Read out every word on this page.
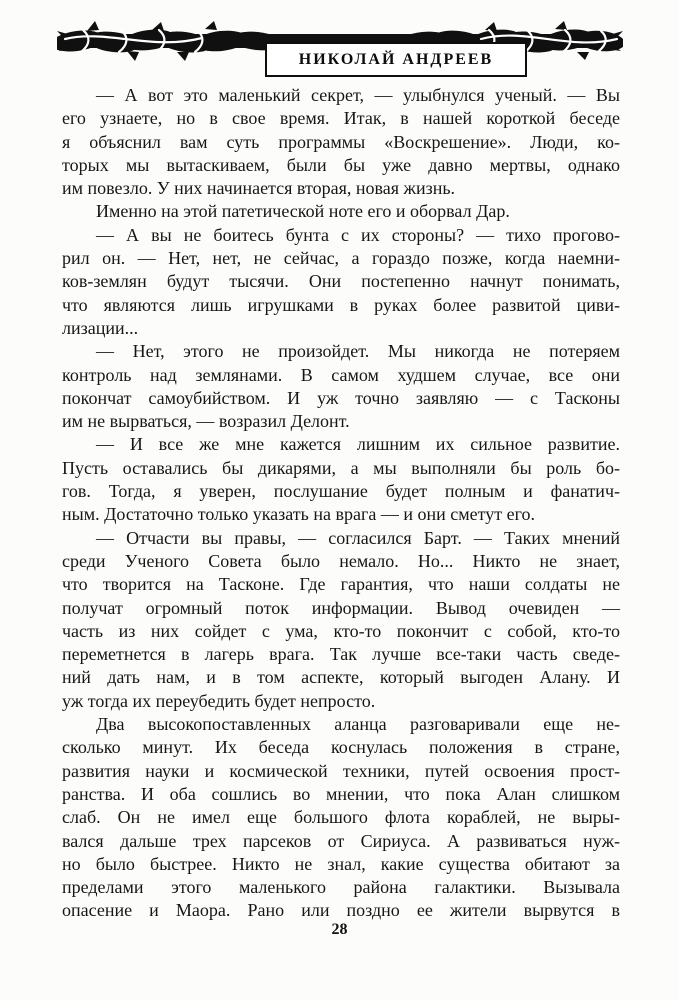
НИКОЛАЙ АНДРЕЕВ

— А вот это маленький секрет, — улыбнулся ученый. — Вы
его узнаете, но в свое время. Итак, в нашей короткой беседе
я объяснил вам суть программы «Воскрешение». Люди, ко-
торых мы вытаскиваем, были бы уже давно мертвы, однако
им повезло. У них начинается вторая, новая жизнь.

Именно на этой патетической ноте его и оборвал Дар.

— А вы не боитесь бунта с их стороны? — тихо прогово-
рил он. — Нет, нет, не сейчас, а гораздо позже, когда наемни-
ков-землян будут тысячи. Они постепенно начнут понимать,
что являются лишь игрушками в руках более развитой циви-
лизации...

— Нет, этого не произойдет. Мы никогда не потеряем
контроль над землянами. В самом худшем случае, все они
покончат самоубийством. И уж точно заявляю — с Тасконы
им не вырваться, — возразил Делонт.

— И все же мне кажется лишним их сильное развитие.
Пусть оставались бы дикарями, а мы выполняли бы роль бо-
гов. Тогда, я уверен, послушание будет полным и фанатич-
ным. Достаточно только указать на врага — и они сметут его.

— Отчасти вы правы, — согласился Барт. — Таких мнений
среди Ученого Совета было немало. Но... Никто не знает,
что творится на Тасконе. Где гарантия, что наши солдаты не
получат огромный поток информации. Вывод очевиден —
часть из них сойдет с ума, кто-то покончит с собой, кто-то
переметнется в лагерь врага. Так лучше все-таки часть сведе-
ний дать нам, и в том аспекте, который выгоден Алану. И
уж тогда их переубедить будет непросто.

Два высокопоставленных аланца разговаривали еще не-
сколько минут. Их беседа коснулась положения в стране,
развития науки и космической техники, путей освоения прост-
ранства. И оба сошлись во мнении, что пока Алан слишком
слаб. Он не имел еще большого флота кораблей, не выры-
вался дальше трех парсеков от Сириуса. А развиваться нуж-
но было быстрее. Никто не знал, какие существа обитают за
пределами этого маленького района галактики. Вызывала
опасение и Маора. Рано или поздно ее жители вырвутся в

28
